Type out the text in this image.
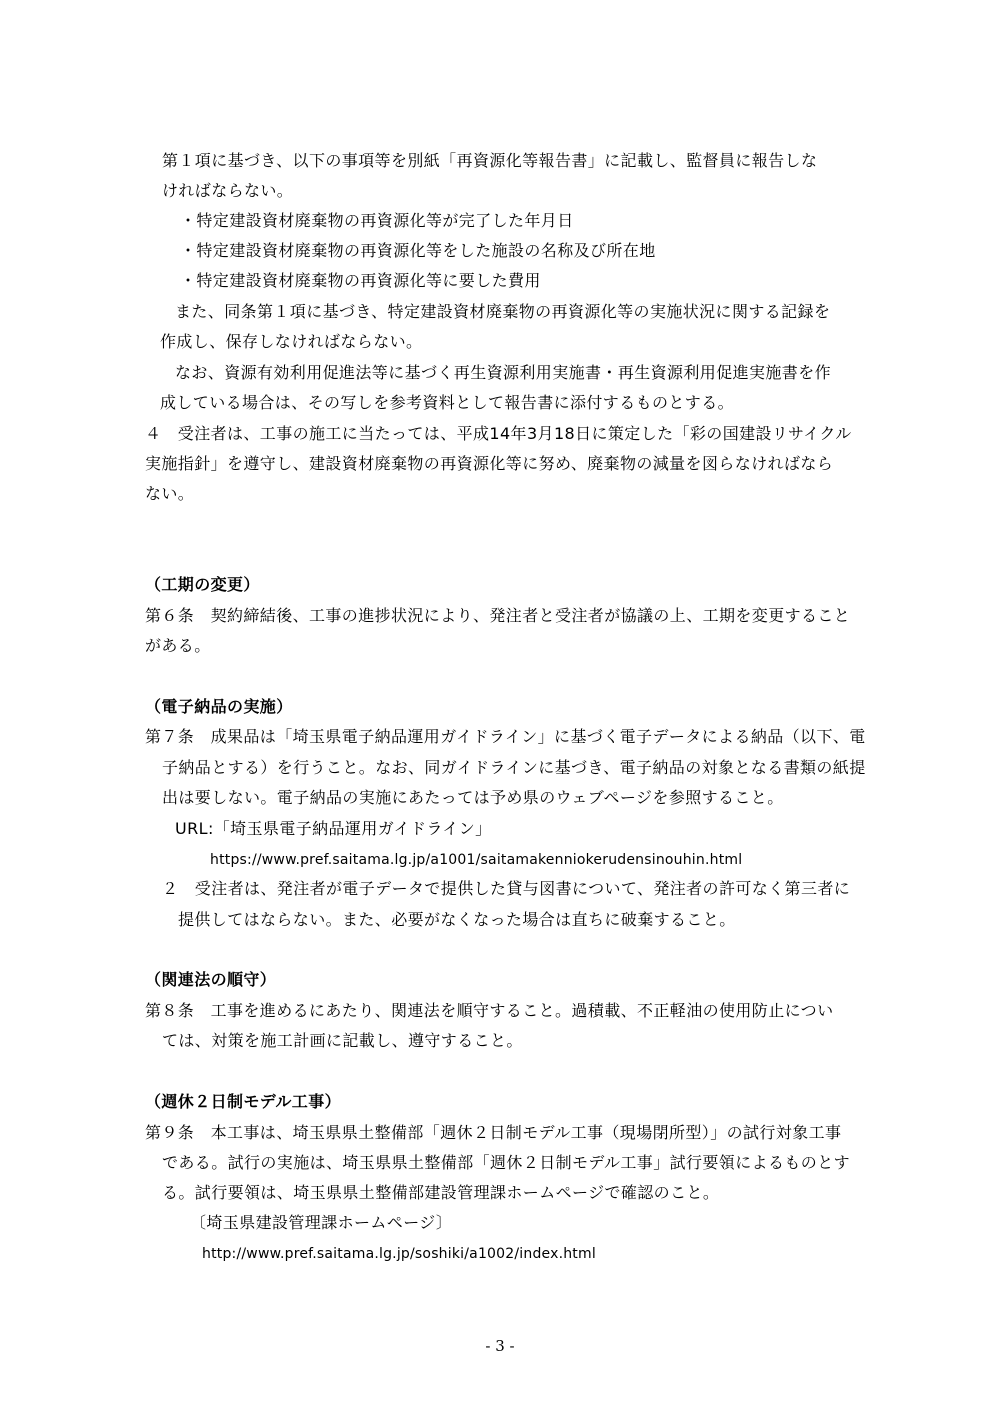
第１項に基づき、以下の事項等を別紙「再資源化等報告書」に記載し、監督員に報告しな
ければならない。
・特定建設資材廃棄物の再資源化等が完了した年月日
・特定建設資材廃棄物の再資源化等をした施設の名称及び所在地
・特定建設資材廃棄物の再資源化等に要した費用
また、同条第１項に基づき、特定建設資材廃棄物の再資源化等の実施状況に関する記録を
作成し、保存しなければならない。
なお、資源有効利用促進法等に基づく再生資源利用実施書・再生資源利用促進実施書を作
成している場合は、その写しを参考資料として報告書に添付するものとする。
４　受注者は、工事の施工に当たっては、平成14年3月18日に策定した「彩の国建設リサイクル
実施指針」を遵守し、建設資材廃棄物の再資源化等に努め、廃棄物の減量を図らなければなら
ない。
（工期の変更）
第６条　契約締結後、工事の進捗状況により、発注者と受注者が協議の上、工期を変更すること
がある。
（電子納品の実施）
第７条　成果品は「埼玉県電子納品運用ガイドライン」に基づく電子データによる納品（以下、電
子納品とする）を行うこと。なお、同ガイドラインに基づき、電子納品の対象となる書類の紙提
出は要しない。電子納品の実施にあたっては予め県のウェブページを参照すること。
URL:「埼玉県電子納品運用ガイドライン」
https://www.pref.saitama.lg.jp/a1001/saitamakenniokerudensinouhin.html
２　受注者は、発注者が電子データで提供した貸与図書について、発注者の許可なく第三者に
提供してはならない。また、必要がなくなった場合は直ちに破棄すること。
（関連法の順守）
第８条　工事を進めるにあたり、関連法を順守すること。過積載、不正軽油の使用防止につい
ては、対策を施工計画に記載し、遵守すること。
（週休２日制モデル工事）
第９条　本工事は、埼玉県県土整備部「週休２日制モデル工事（現場閉所型）」の試行対象工事
である。試行の実施は、埼玉県県土整備部「週休２日制モデル工事」試行要領によるものとす
る。試行要領は、埼玉県県土整備部建設管理課ホームページで確認のこと。
〔埼玉県建設管理課ホームページ〕
http://www.pref.saitama.lg.jp/soshiki/a1002/index.html
- 3 -
